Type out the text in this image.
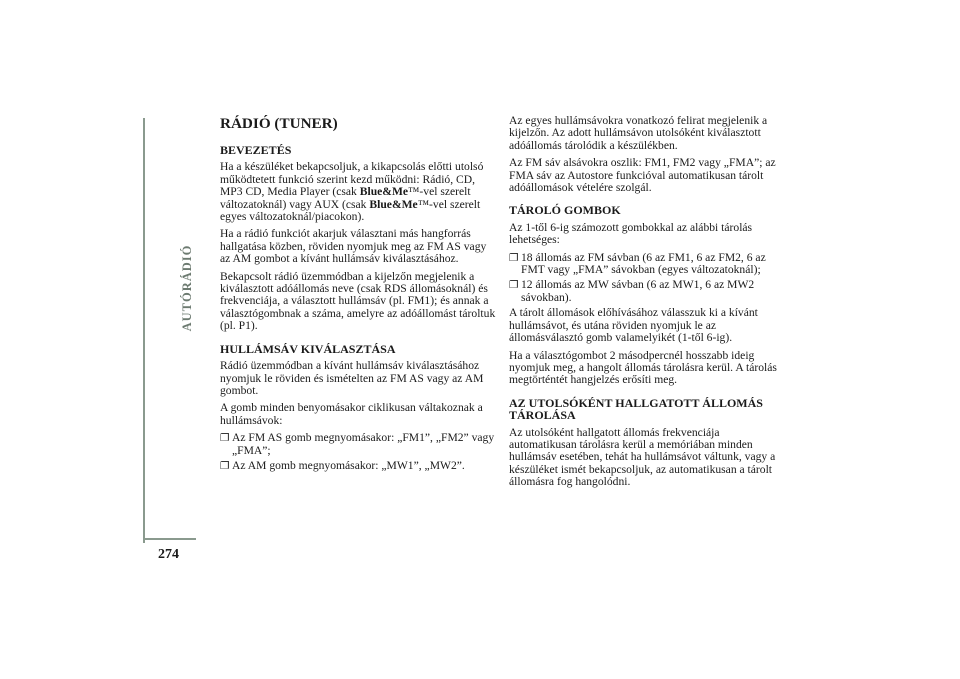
AUTÓRÁDIÓ
274
RÁDIÓ (TUNER)
BEVEZETÉS

Ha a készüléket bekapcsoljuk, a kikapcsolás előtti utolsó működtetett funkció szerint kezd működni: Rádió, CD, MP3 CD, Media Player (csak Blue&Me™-vel szerelt változatoknál) vagy AUX (csak Blue&Me™-vel szerelt egyes változatoknál/piacokon).

Ha a rádió funkciót akarjuk választani más hangforrás hallgatása közben, röviden nyomjuk meg az FM AS vagy az AM gombot a kívánt hullámsáv kiválasztásához.

Bekapcsolt rádió üzemmódban a kijelzőn megjelenik a kiválasztott adóállomás neve (csak RDS állomásoknál) és frekvenciája, a választott hullámsáv (pl. FM1); és annak a választógombnak a száma, amelyre az adóállomást tároltuk (pl. P1).

HULLÁMSÁV KIVÁLASZTÁSA

Rádió üzemmódban a kívánt hullámsáv kiválasztásához nyomjuk le röviden és ismételten az FM AS vagy az AM gombot.

A gomb minden benyomásakor ciklikusan váltakoznak a hullámsávok:

❐ Az FM AS gomb megnyomásakor: „FM1”, „FM2” vagy „FMA”;
❐ Az AM gomb megnyomásakor: „MW1”, „MW2”.

Az egyes hullámsávokra vonatkozó felirat megjelenik a kijelzőn. Az adott hullámsávon utolsóként kiválasztott adóállomás tárolódik a készülékben.

Az FM sáv alsávokra oszlik: FM1, FM2 vagy „FMA”; az FMA sáv az Autostore funkcióval automatikusan tárolt adóállomások vételére szolgál.

TÁROLÓ GOMBOK

Az 1-től 6-ig számozott gombokkal az alábbi tárolás lehetséges:

❐ 18 állomás az FM sávban (6 az FM1, 6 az FM2, 6 az FMT vagy „FMA” sávokban (egyes változatoknál);
❐ 12 állomás az MW sávban (6 az MW1, 6 az MW2 sávokban).

A tárolt állomások előhívásához válasszuk ki a kívánt hullámsávot, és utána röviden nyomjuk le az állomásválasztó gomb valamelyikét (1-től 6-ig).

Ha a választógombot 2 másodpercnél hosszabb ideig nyomjuk meg, a hangolt állomás tárolásra kerül. A tárolás megtörténtét hangjelzés erősíti meg.

AZ UTOLSÓKÉNT HALLGATOTT ÁLLOMÁS TÁROLÁSA

Az utolsóként hallgatott állomás frekvenciája automatikusan tárolásra kerül a memóriában minden hullámsáv esetében, tehát ha hullámsávot váltunk, vagy a készüléket ismét bekapcsoljuk, az automatikusan a tárolt állomásra fog hangolódni.
